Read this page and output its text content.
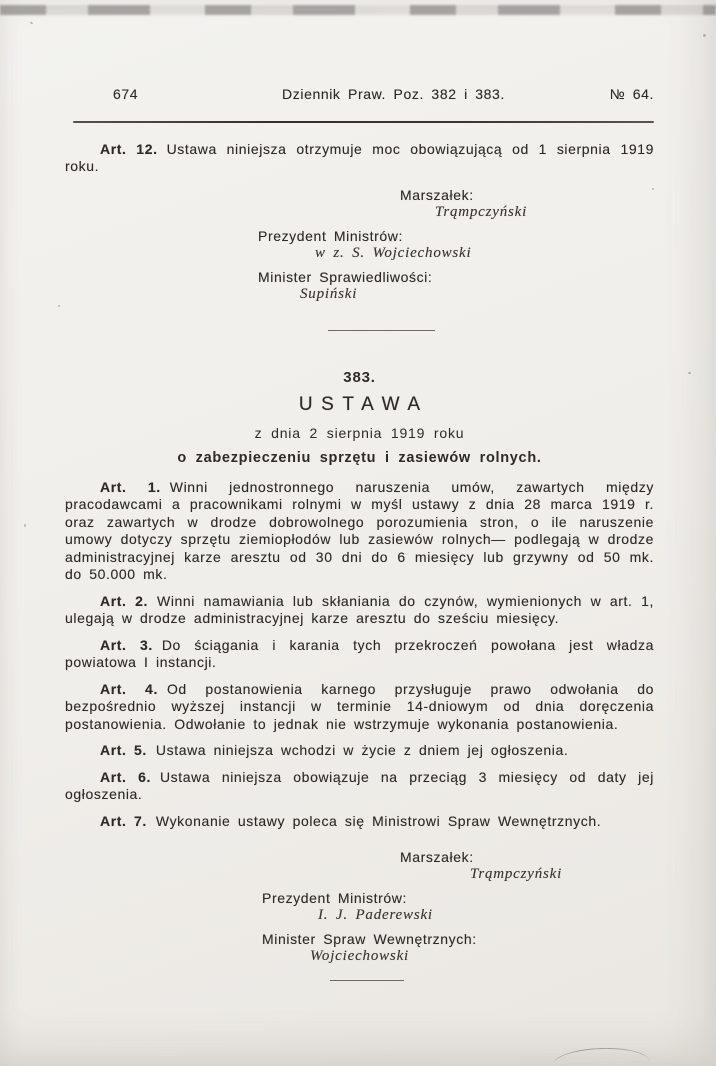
674	Dziennik Praw. Poz. 382 i 383.	№ 64.

Art. 12. Ustawa niniejsza otrzymuje moc obowiązującą od 1 sierpnia 1919 roku.

Marszałek:
Trąmpczyński
Prezydent Ministrów:
w z. S. Wojciechowski
Minister Sprawiedliwości:
Supiński
383.
USTAWA
z dnia 2 sierpnia 1919 roku
o zabezpieczeniu sprzętu i zasiewów rolnych.

Art. 1. Winni jednostronnego naruszenia umów, zawartych między pracodawcami a pracownikami rolnymi w myśl ustawy z dnia 28 marca 1919 r. oraz zawartych w drodze dobrowolnego porozumienia stron, o ile naruszenie umowy dotyczy sprzętu ziemiopłodów lub zasiewów rolnych— podlegają w drodze administracyjnej karze aresztu od 30 dni do 6 miesięcy lub grzywny od 50 mk. do 50.000 mk.

Art. 2. Winni namawiania lub skłaniania do czynów, wymienionych w art. 1, ulegają w drodze administracyjnej karze aresztu do sześciu miesięcy.

Art. 3. Do ściągania i karania tych przekroczeń powołana jest władza powiatowa I instancji.

Art. 4. Od postanowienia karnego przysługuje prawo odwołania do bezpośrednio wyższej instancji w terminie 14-dniowym od dnia doręczenia postanowienia. Odwołanie to jednak nie wstrzymuje wykonania postanowienia.

Art. 5. Ustawa niniejsza wchodzi w życie z dniem jej ogłoszenia.

Art. 6. Ustawa niniejsza obowiązuje na przeciąg 3 miesięcy od daty jej ogłoszenia.

Art. 7. Wykonanie ustawy poleca się Ministrowi Spraw Wewnętrznych.

Marszałek:
Trąmpczyński
Prezydent Ministrów:
I. J. Paderewski
Minister Spraw Wewnętrznych:
Wojciechowski
